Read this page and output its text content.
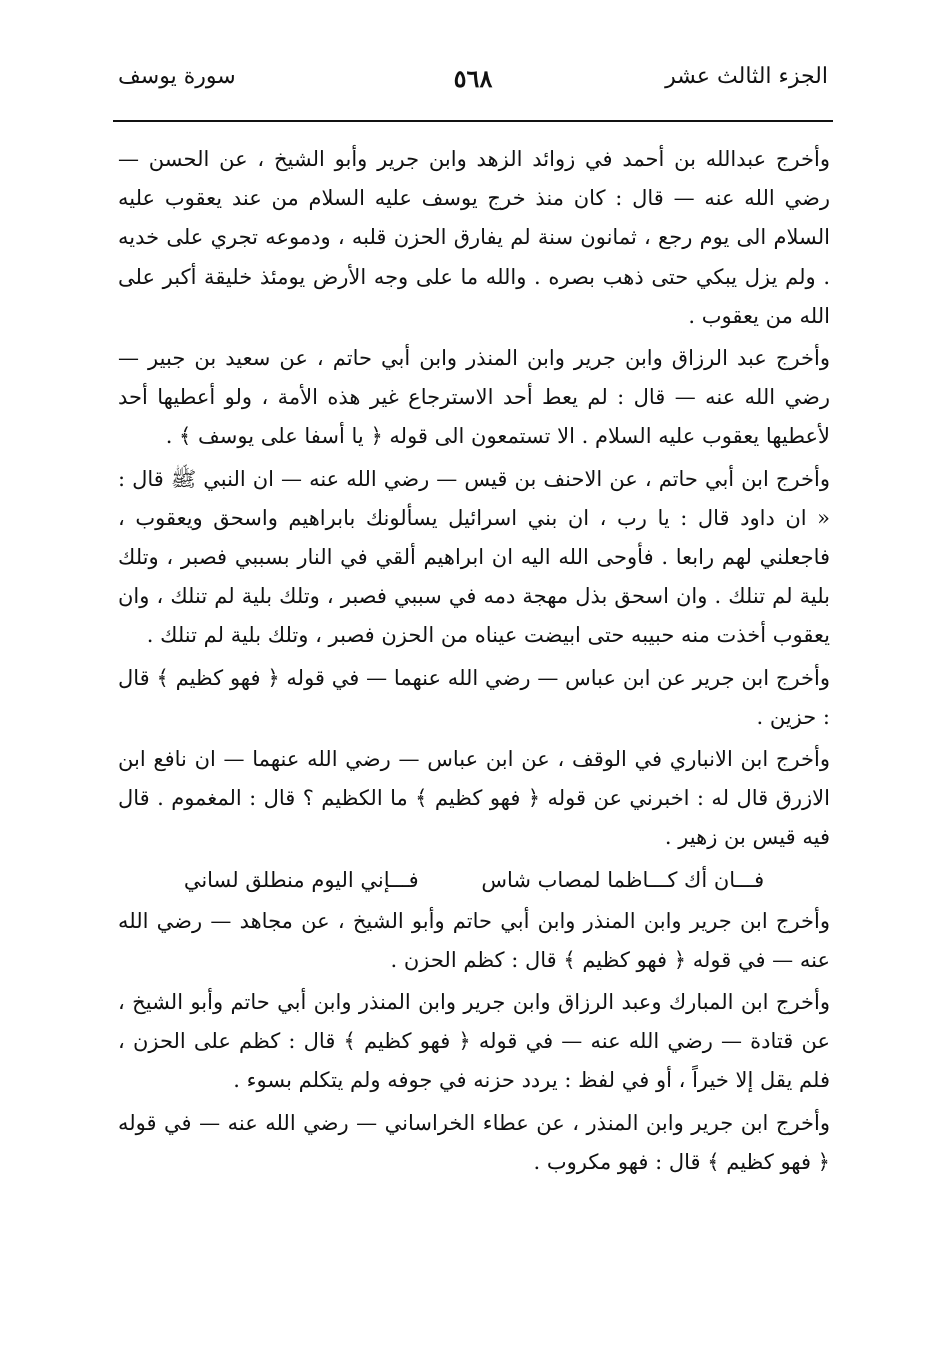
الجزء الثالث عشر
٥٦٨
سورة يوسف

وأخرج عبدالله بن أحمد في زوائد الزهد وابن جرير وأبو الشيخ ، عن الحسن — رضي الله عنه — قال : كان منذ خرج يوسف عليه السلام من عند يعقوب عليه السلام الى يوم رجع ، ثمانون سنة لم يفارق الحزن قلبه ، ودموعه تجري على خديه . ولم يزل يبكي حتى ذهب بصره . والله ما على وجه الأرض يومئذ خليقة أكبر على الله من يعقوب .

وأخرج عبد الرزاق وابن جرير وابن المنذر وابن أبي حاتم ، عن سعيد بن جبير — رضي الله عنه — قال : لم يعط أحد الاسترجاع غير هذه الأمة ، ولو أعطيها أحد لأعطيها يعقوب عليه السلام . الا تستمعون الى قوله ﴿ يا أسفا على يوسف ﴾ .

وأخرج ابن أبي حاتم ، عن الاحنف بن قيس — رضي الله عنه — ان النبي ﷺ قال : « ان داود قال : يا رب ، ان بني اسرائيل يسألونك بابراهيم واسحق ويعقوب ، فاجعلني لهم رابعا . فأوحى الله اليه ان ابراهيم ألقي في النار بسببي فصبر ، وتلك بلية لم تنلك . وان اسحق بذل مهجة دمه في سببي فصبر ، وتلك بلية لم تنلك ، وان يعقوب أخذت منه حبيبه حتى ابيضت عيناه من الحزن فصبر ، وتلك بلية لم تنلك .

وأخرج ابن جرير عن ابن عباس — رضي الله عنهما — في قوله ﴿ فهو كظيم ﴾ قال : حزين .

وأخرج ابن الانباري في الوقف ، عن ابن عباس — رضي الله عنهما — ان نافع ابن الازرق قال له : اخبرني عن قوله ﴿ فهو كظيم ﴾ ما الكظيم ؟ قال : المغموم . قال فيه قيس بن زهير .

فـــان أك كـــاظما لمصاب شاس فـــإني اليوم منطلق لساني

وأخرج ابن جرير وابن المنذر وابن أبي حاتم وأبو الشيخ ، عن مجاهد — رضي الله عنه — في قوله ﴿ فهو كظيم ﴾ قال : كظم الحزن .

وأخرج ابن المبارك وعبد الرزاق وابن جرير وابن المنذر وابن أبي حاتم وأبو الشيخ ، عن قتادة — رضي الله عنه — في قوله ﴿ فهو كظيم ﴾ قال : كظم على الحزن ، فلم يقل إلا خيراً ، أو في لفظ : يردد حزنه في جوفه ولم يتكلم بسوء .

وأخرج ابن جرير وابن المنذر ، عن عطاء الخراساني — رضي الله عنه — في قوله ﴿ فهو كظيم ﴾ قال : فهو مكروب .
